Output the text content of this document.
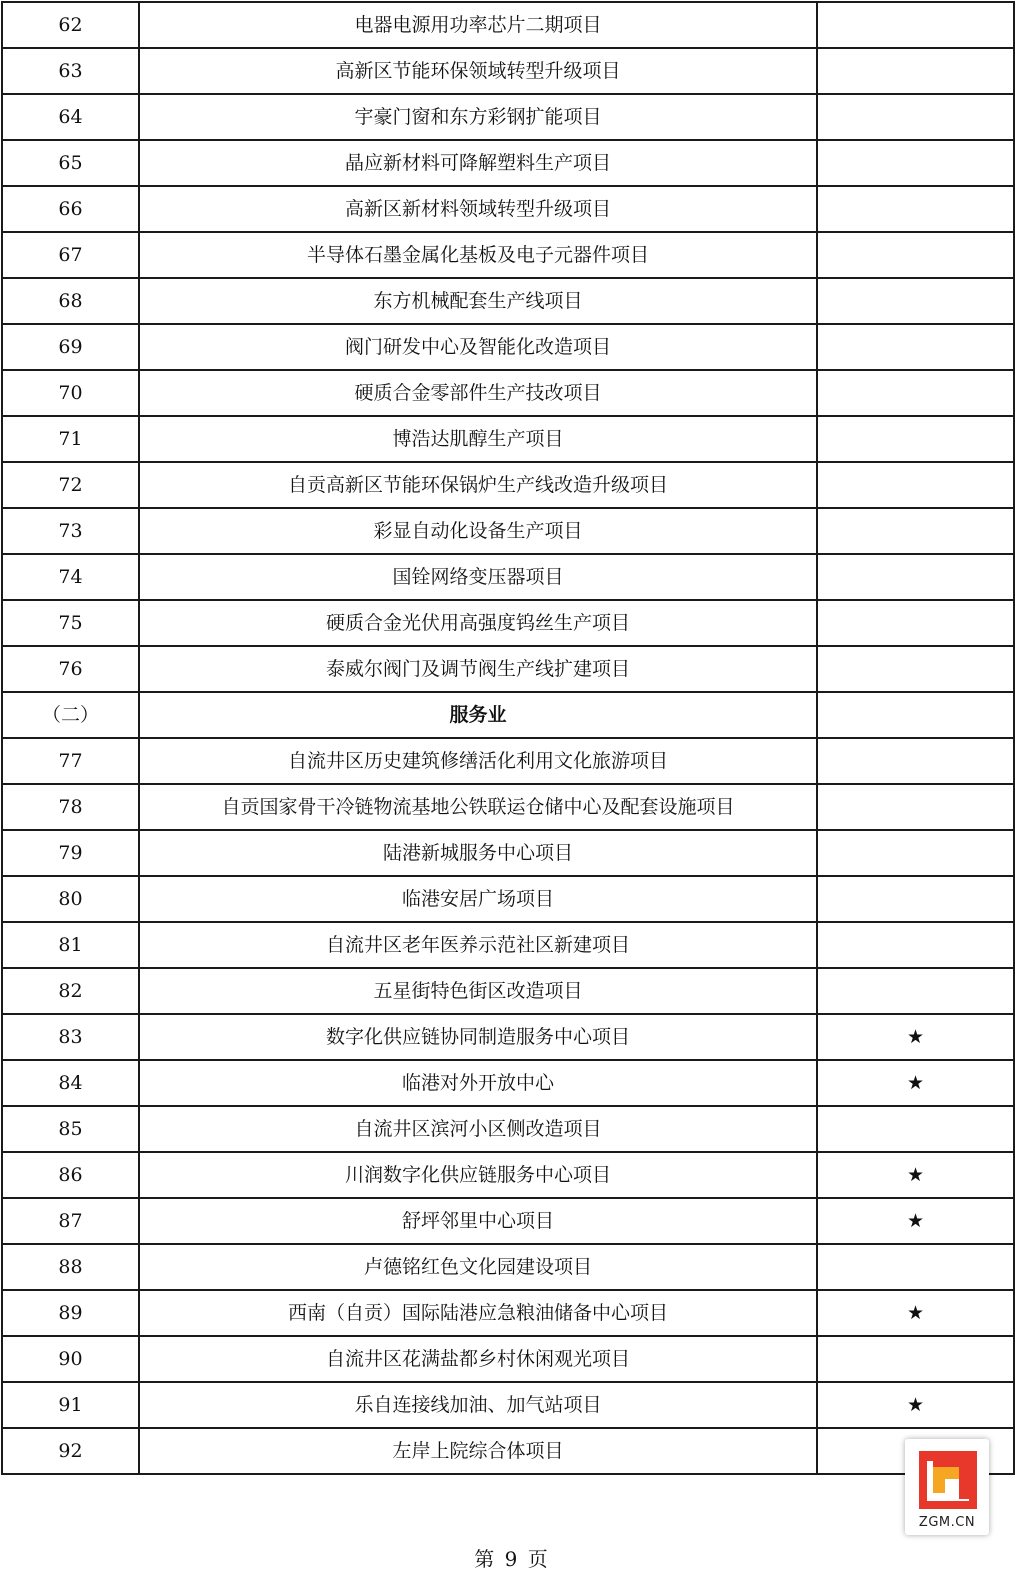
62	电器电源用功率芯片二期项目	
63	高新区节能环保领域转型升级项目	
64	宇豪门窗和东方彩钢扩能项目	
65	晶应新材料可降解塑料生产项目	
66	高新区新材料领域转型升级项目	
67	半导体石墨金属化基板及电子元器件项目	
68	东方机械配套生产线项目	
69	阀门研发中心及智能化改造项目	
70	硬质合金零部件生产技改项目	
71	博浩达肌醇生产项目	
72	自贡高新区节能环保锅炉生产线改造升级项目	
73	彩显自动化设备生产项目	
74	国铨网络变压器项目	
75	硬质合金光伏用高强度钨丝生产项目	
76	泰威尔阀门及调节阀生产线扩建项目	
（二）	服务业	
77	自流井区历史建筑修缮活化利用文化旅游项目	
78	自贡国家骨干冷链物流基地公铁联运仓储中心及配套设施项目	
79	陆港新城服务中心项目	
80	临港安居广场项目	
81	自流井区老年医养示范社区新建项目	
82	五星街特色街区改造项目	
83	数字化供应链协同制造服务中心项目	★
84	临港对外开放中心	★
85	自流井区滨河小区侧改造项目	
86	川润数字化供应链服务中心项目	★
87	舒坪邻里中心项目	★
88	卢德铭红色文化园建设项目	
89	西南（自贡）国际陆港应急粮油储备中心项目	★
90	自流井区花满盐都乡村休闲观光项目	
91	乐自连接线加油、加气站项目	★
92	左岸上院综合体项目	
第 9 页
ZGM.CN
